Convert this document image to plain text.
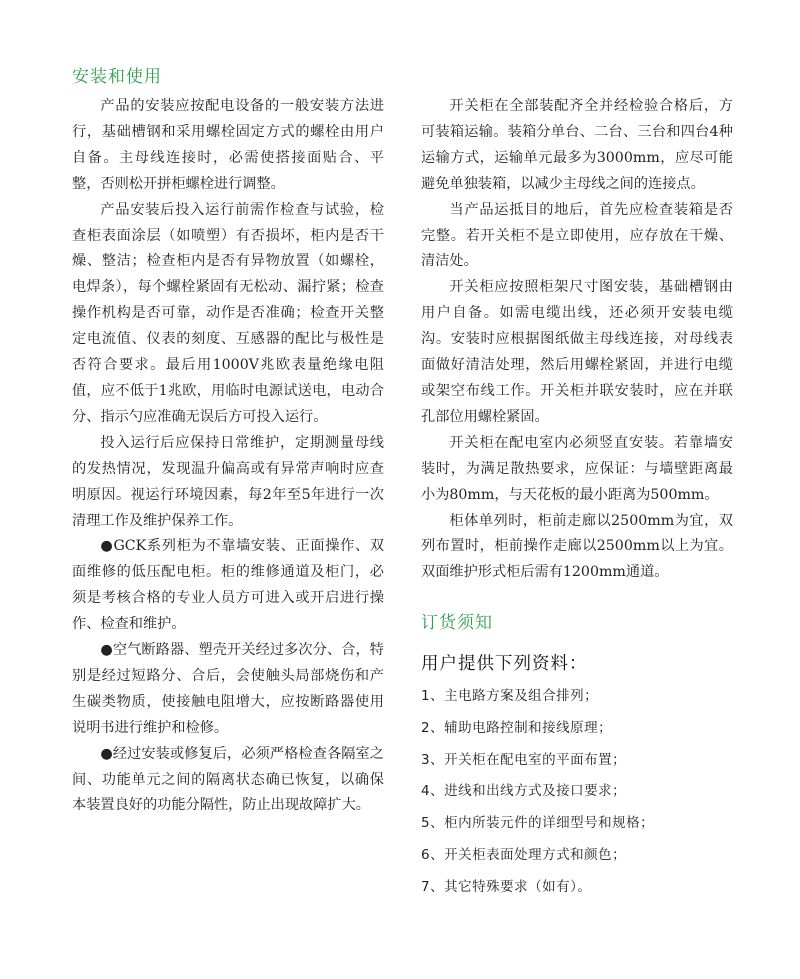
安装和使用

产品的安装应按配电设备的一般安装方法进行，基础槽钢和采用螺栓固定方式的螺栓由用户自备。主母线连接时，必需使搭接面贴合、平整，否则松开拼柜螺栓进行调整。

产品安装后投入运行前需作检查与试验，检查柜表面涂层（如喷塑）有否损坏，柜内是否干燥、整洁；检查柜内是否有异物放置（如螺栓，电焊条），每个螺栓紧固有无松动、漏拧紧；检查操作机构是否可靠，动作是否准确；检查开关整定电流值、仪表的刻度、互感器的配比与极性是否符合要求。最后用1000V兆欧表量绝缘电阻值，应不低于1兆欧，用临时电源试送电，电动合分、指示勺应准确无误后方可投入运行。

投入运行后应保持日常维护，定期测量母线的发热情况，发现温升偏高或有异常声响时应查明原因。视运行环境因素，每2年至5年进行一次清理工作及维护保养工作。

●GCK系列柜为不靠墙安装、正面操作、双面维修的低压配电柜。柜的维修通道及柜门，必须是考核合格的专业人员方可进入或开启进行操作、检查和维护。

●空气断路器、塑壳开关经过多次分、合，特别是经过短路分、合后，会使触头局部烧伤和产生碳类物质，使接触电阻增大，应按断路器使用说明书进行维护和检修。

●经过安装或修复后，必须严格检查各隔室之间、功能单元之间的隔离状态确已恢复，以确保本装置良好的功能分隔性，防止出现故障扩大。

开关柜在全部装配齐全并经检验合格后，方可装箱运输。装箱分单台、二台、三台和四台4种运输方式，运输单元最多为3000mm，应尽可能避免单独装箱，以减少主母线之间的连接点。

当产品运抵目的地后，首先应检查装箱是否完整。若开关柜不是立即使用，应存放在干燥、清洁处。

开关柜应按照柜架尺寸图安装，基础槽钢由用户自备。如需电缆出线，还必须开安装电缆沟。安装时应根据图纸做主母线连接，对母线表面做好清洁处理，然后用螺栓紧固，并进行电缆或架空布线工作。开关柜并联安装时，应在并联孔部位用螺栓紧固。

开关柜在配电室内必须竖直安装。若靠墙安装时，为满足散热要求，应保证：与墙壁距离最小为80mm，与天花板的最小距离为500mm。

柜体单列时，柜前走廊以2500mm为宜，双列布置时，柜前操作走廊以2500mm以上为宜。双面维护形式柜后需有1200mm通道。

订货须知
用户提供下列资料：
1、主电路方案及组合排列；
2、辅助电路控制和接线原理；
3、开关柜在配电室的平面布置；
4、进线和出线方式及接口要求；
5、柜内所装元件的详细型号和规格；
6、开关柜表面处理方式和颜色；
7、其它特殊要求（如有）。
